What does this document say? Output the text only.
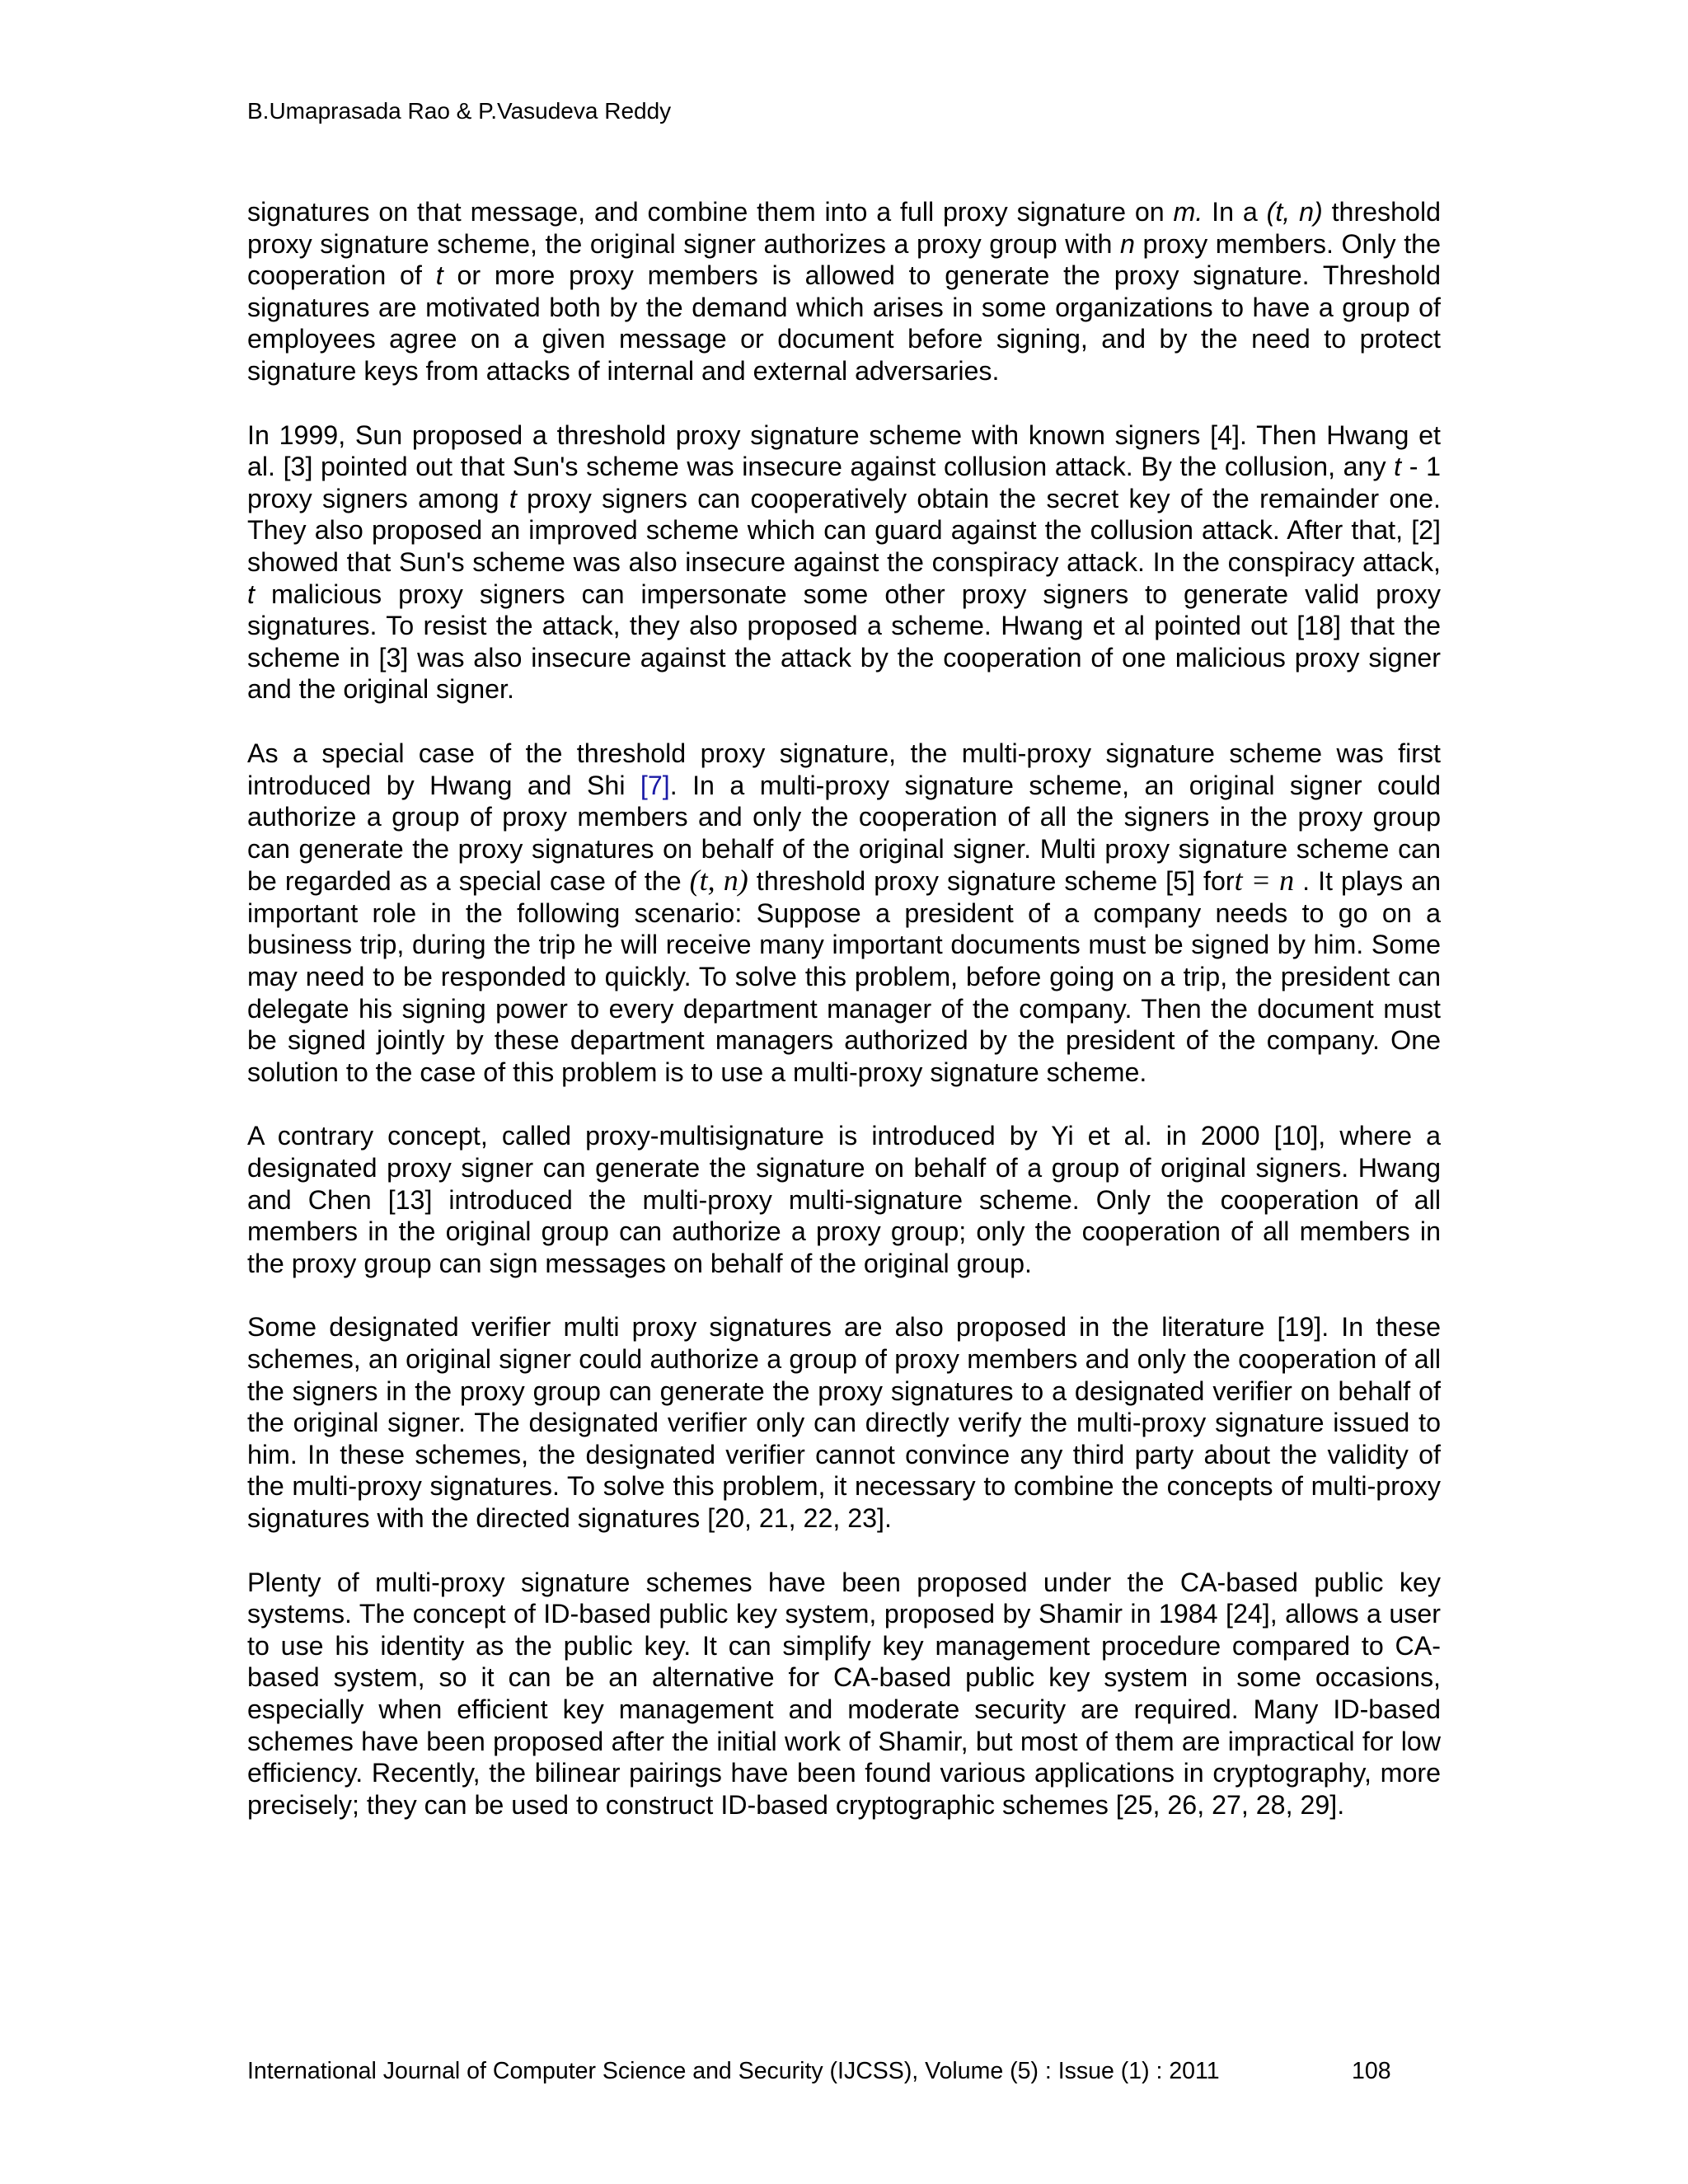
B.Umaprasada Rao & P.Vasudeva Reddy

signatures on that message, and combine them into a full proxy signature on m. In a (t, n) threshold proxy signature scheme, the original signer authorizes a proxy group with n proxy members. Only the cooperation of t or more proxy members is allowed to generate the proxy signature. Threshold signatures are motivated both by the demand which arises in some organizations to have a group of employees agree on a given message or document before signing, and by the need to protect signature keys from attacks of internal and external adversaries.

In 1999, Sun proposed a threshold proxy signature scheme with known signers [4]. Then Hwang et al. [3] pointed out that Sun's scheme was insecure against collusion attack. By the collusion, any t - 1 proxy signers among t proxy signers can cooperatively obtain the secret key of the remainder one. They also proposed an improved scheme which can guard against the collusion attack. After that, [2] showed that Sun's scheme was also insecure against the conspiracy attack. In the conspiracy attack, t malicious proxy signers can impersonate some other proxy signers to generate valid proxy signatures. To resist the attack, they also proposed a scheme. Hwang et al pointed out [18] that the scheme in [3] was also insecure against the attack by the cooperation of one malicious proxy signer and the original signer.

As a special case of the threshold proxy signature, the multi-proxy signature scheme was first introduced by Hwang and Shi [7]. In a multi-proxy signature scheme, an original signer could authorize a group of proxy members and only the cooperation of all the signers in the proxy group can generate the proxy signatures on behalf of the original signer. Multi proxy signature scheme can be regarded as a special case of the (t, n) threshold proxy signature scheme [5] fort = n . It plays an important role in the following scenario: Suppose a president of a company needs to go on a business trip, during the trip he will receive many important documents must be signed by him. Some may need to be responded to quickly. To solve this problem, before going on a trip, the president can delegate his signing power to every department manager of the company. Then the document must be signed jointly by these department managers authorized by the president of the company. One solution to the case of this problem is to use a multi-proxy signature scheme.

A contrary concept, called proxy-multisignature is introduced by Yi et al. in 2000 [10], where a designated proxy signer can generate the signature on behalf of a group of original signers. Hwang and Chen [13] introduced the multi-proxy multi-signature scheme. Only the cooperation of all members in the original group can authorize a proxy group; only the cooperation of all members in the proxy group can sign messages on behalf of the original group.

Some designated verifier multi proxy signatures are also proposed in the literature [19]. In these schemes, an original signer could authorize a group of proxy members and only the cooperation of all the signers in the proxy group can generate the proxy signatures to a designated verifier on behalf of the original signer. The designated verifier only can directly verify the multi-proxy signature issued to him. In these schemes, the designated verifier cannot convince any third party about the validity of the multi-proxy signatures. To solve this problem, it necessary to combine the concepts of multi-proxy signatures with the directed signatures [20, 21, 22, 23].

Plenty of multi-proxy signature schemes have been proposed under the CA-based public key systems. The concept of ID-based public key system, proposed by Shamir in 1984 [24], allows a user to use his identity as the public key. It can simplify key management procedure compared to CA-based system, so it can be an alternative for CA-based public key system in some occasions, especially when efficient key management and moderate security are required. Many ID-based schemes have been proposed after the initial work of Shamir, but most of them are impractical for low efficiency. Recently, the bilinear pairings have been found various applications in cryptography, more precisely; they can be used to construct ID-based cryptographic schemes [25, 26, 27, 28, 29].

International Journal of Computer Science and Security (IJCSS), Volume (5) : Issue (1) : 2011	108
